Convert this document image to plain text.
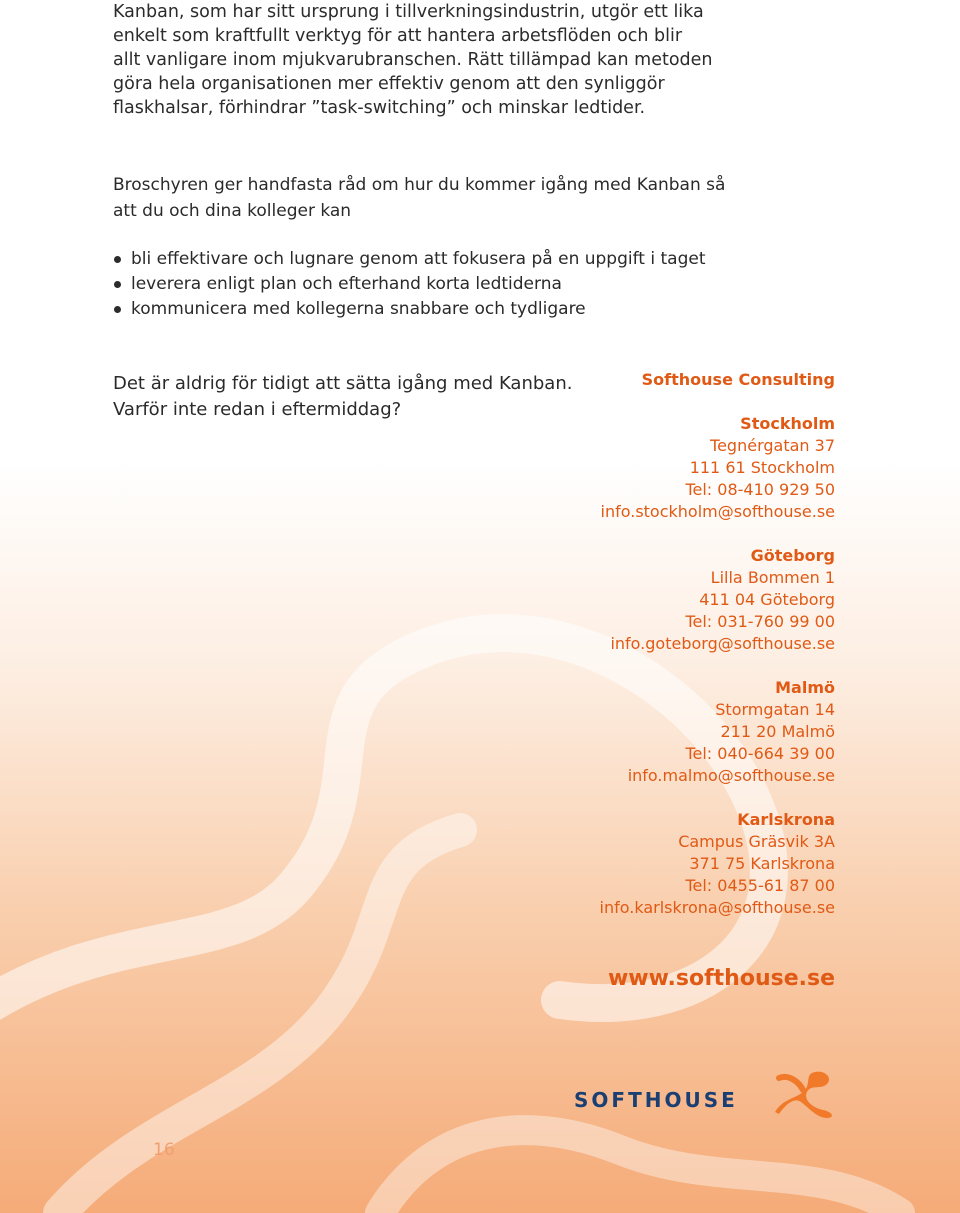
Kanban, som har sitt ursprung i tillverkningsindustrin, utgör ett lika enkelt som kraftfullt verktyg för att hantera arbetsflöden och blir allt vanligare inom mjukvarubranschen. Rätt tillämpad kan metoden göra hela organisationen mer effektiv genom att den synliggör flaskhalsar, förhindrar ”task-switching” och minskar ledtider.

Broschyren ger handfasta råd om hur du kommer igång med Kanban så att du och dina kolleger kan

bli effektivare och lugnare genom att fokusera på en uppgift i taget
leverera enligt plan och efterhand korta ledtiderna
kommunicera med kollegerna snabbare och tydligare

Det är aldrig för tidigt att sätta igång med Kanban.
Varför inte redan i eftermiddag?

Softhouse Consulting
Stockholm
Tegnérgatan 37
111 61 Stockholm
Tel: 08-410 929 50
info.stockholm@softhouse.se
Göteborg
Lilla Bommen 1
411 04 Göteborg
Tel: 031-760 99 00
info.goteborg@softhouse.se
Malmö
Stormgatan 14
211 20 Malmö
Tel: 040-664 39 00
info.malmo@softhouse.se
Karlskrona
Campus Gräsvik 3A
371 75 Karlskrona
Tel: 0455-61 87 00
info.karlskrona@softhouse.se
www.softhouse.se
SOFTHOUSE
16
